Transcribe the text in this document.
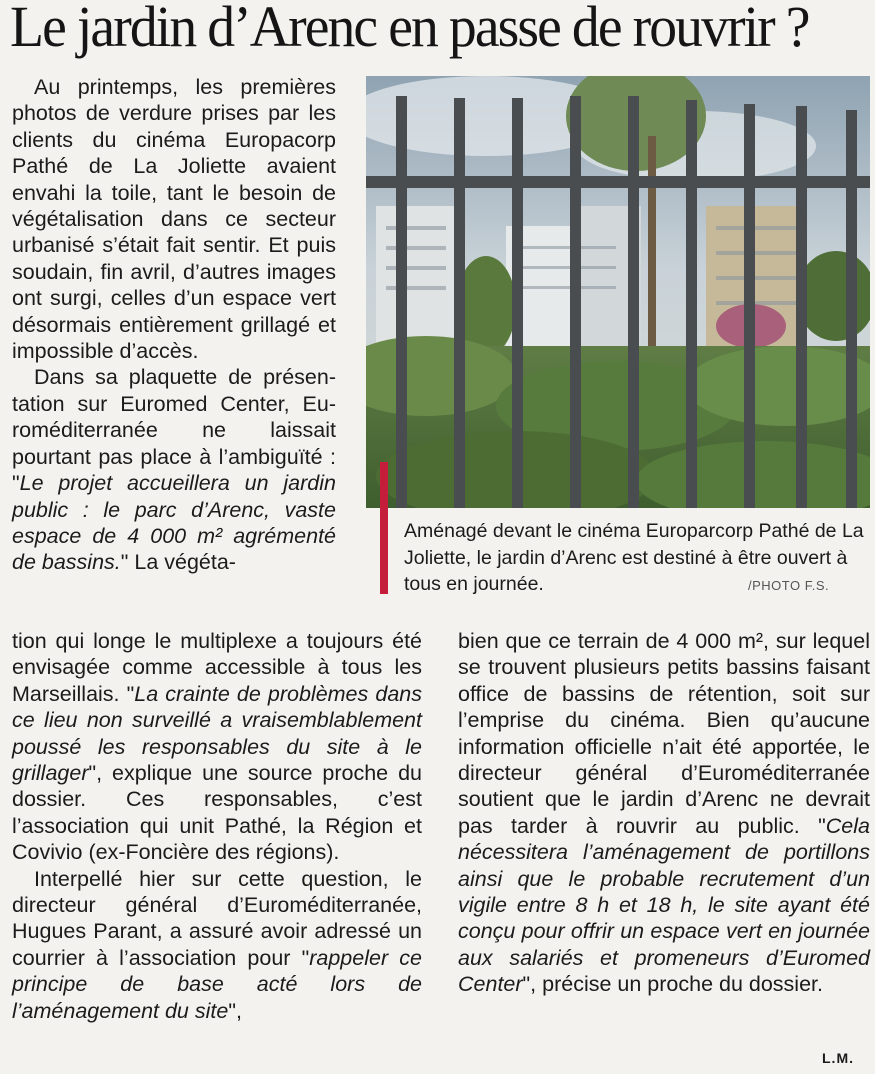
Le jardin d’Arenc en passe de rouvrir ?

Au printemps, les premières photos de verdure prises par les clients du cinéma Europacorp Pathé de La Joliette avaient envahi la toile, tant le besoin de végétalisation dans ce secteur urbanisé s’était fait sentir. Et puis soudain, fin avril, d’autres images ont surgi, celles d’un espace vert désormais entièrement grillagé et impossible d’accès.

Dans sa plaquette de présentation sur Euromed Center, Euroméditerranée ne laissait pourtant pas place à l’ambiguïté : "Le projet accueillera un jardin public : le parc d’Arenc, vaste espace de 4 000 m² agrémenté de bassins." La végéta-

Aménagé devant le cinéma Europarcorp Pathé de La Joliette, le jardin d’Arenc est destiné à être ouvert à tous en journée.	/PHOTO F.S.

tion qui longe le multiplexe a toujours été envisagée comme accessible à tous les Marseillais. "La crainte de problèmes dans ce lieu non surveillé a vraisemblablement poussé les responsables du site à le grillager", explique une source proche du dossier. Ces responsables, c’est l’association qui unit Pathé, la Région et Covivio (ex-Foncière des régions).

Interpellé hier sur cette question, le directeur général d’Euroméditerranée, Hugues Parant, a assuré avoir adressé un courrier à l’association pour "rappeler ce principe de base acté lors de l’aménagement du site",

bien que ce terrain de 4 000 m², sur lequel se trouvent plusieurs petits bassins faisant office de bassins de rétention, soit sur l’emprise du cinéma. Bien qu’aucune information officielle n’ait été apportée, le directeur général d’Euroméditerranée soutient que le jardin d’Arenc ne devrait pas tarder à rouvrir au public. "Cela nécessitera l’aménagement de portillons ainsi que le probable recrutement d’un vigile entre 8 h et 18 h, le site ayant été conçu pour offrir un espace vert en journée aux salariés et promeneurs d’Euromed Center", précise un proche du dossier.

L.M.
